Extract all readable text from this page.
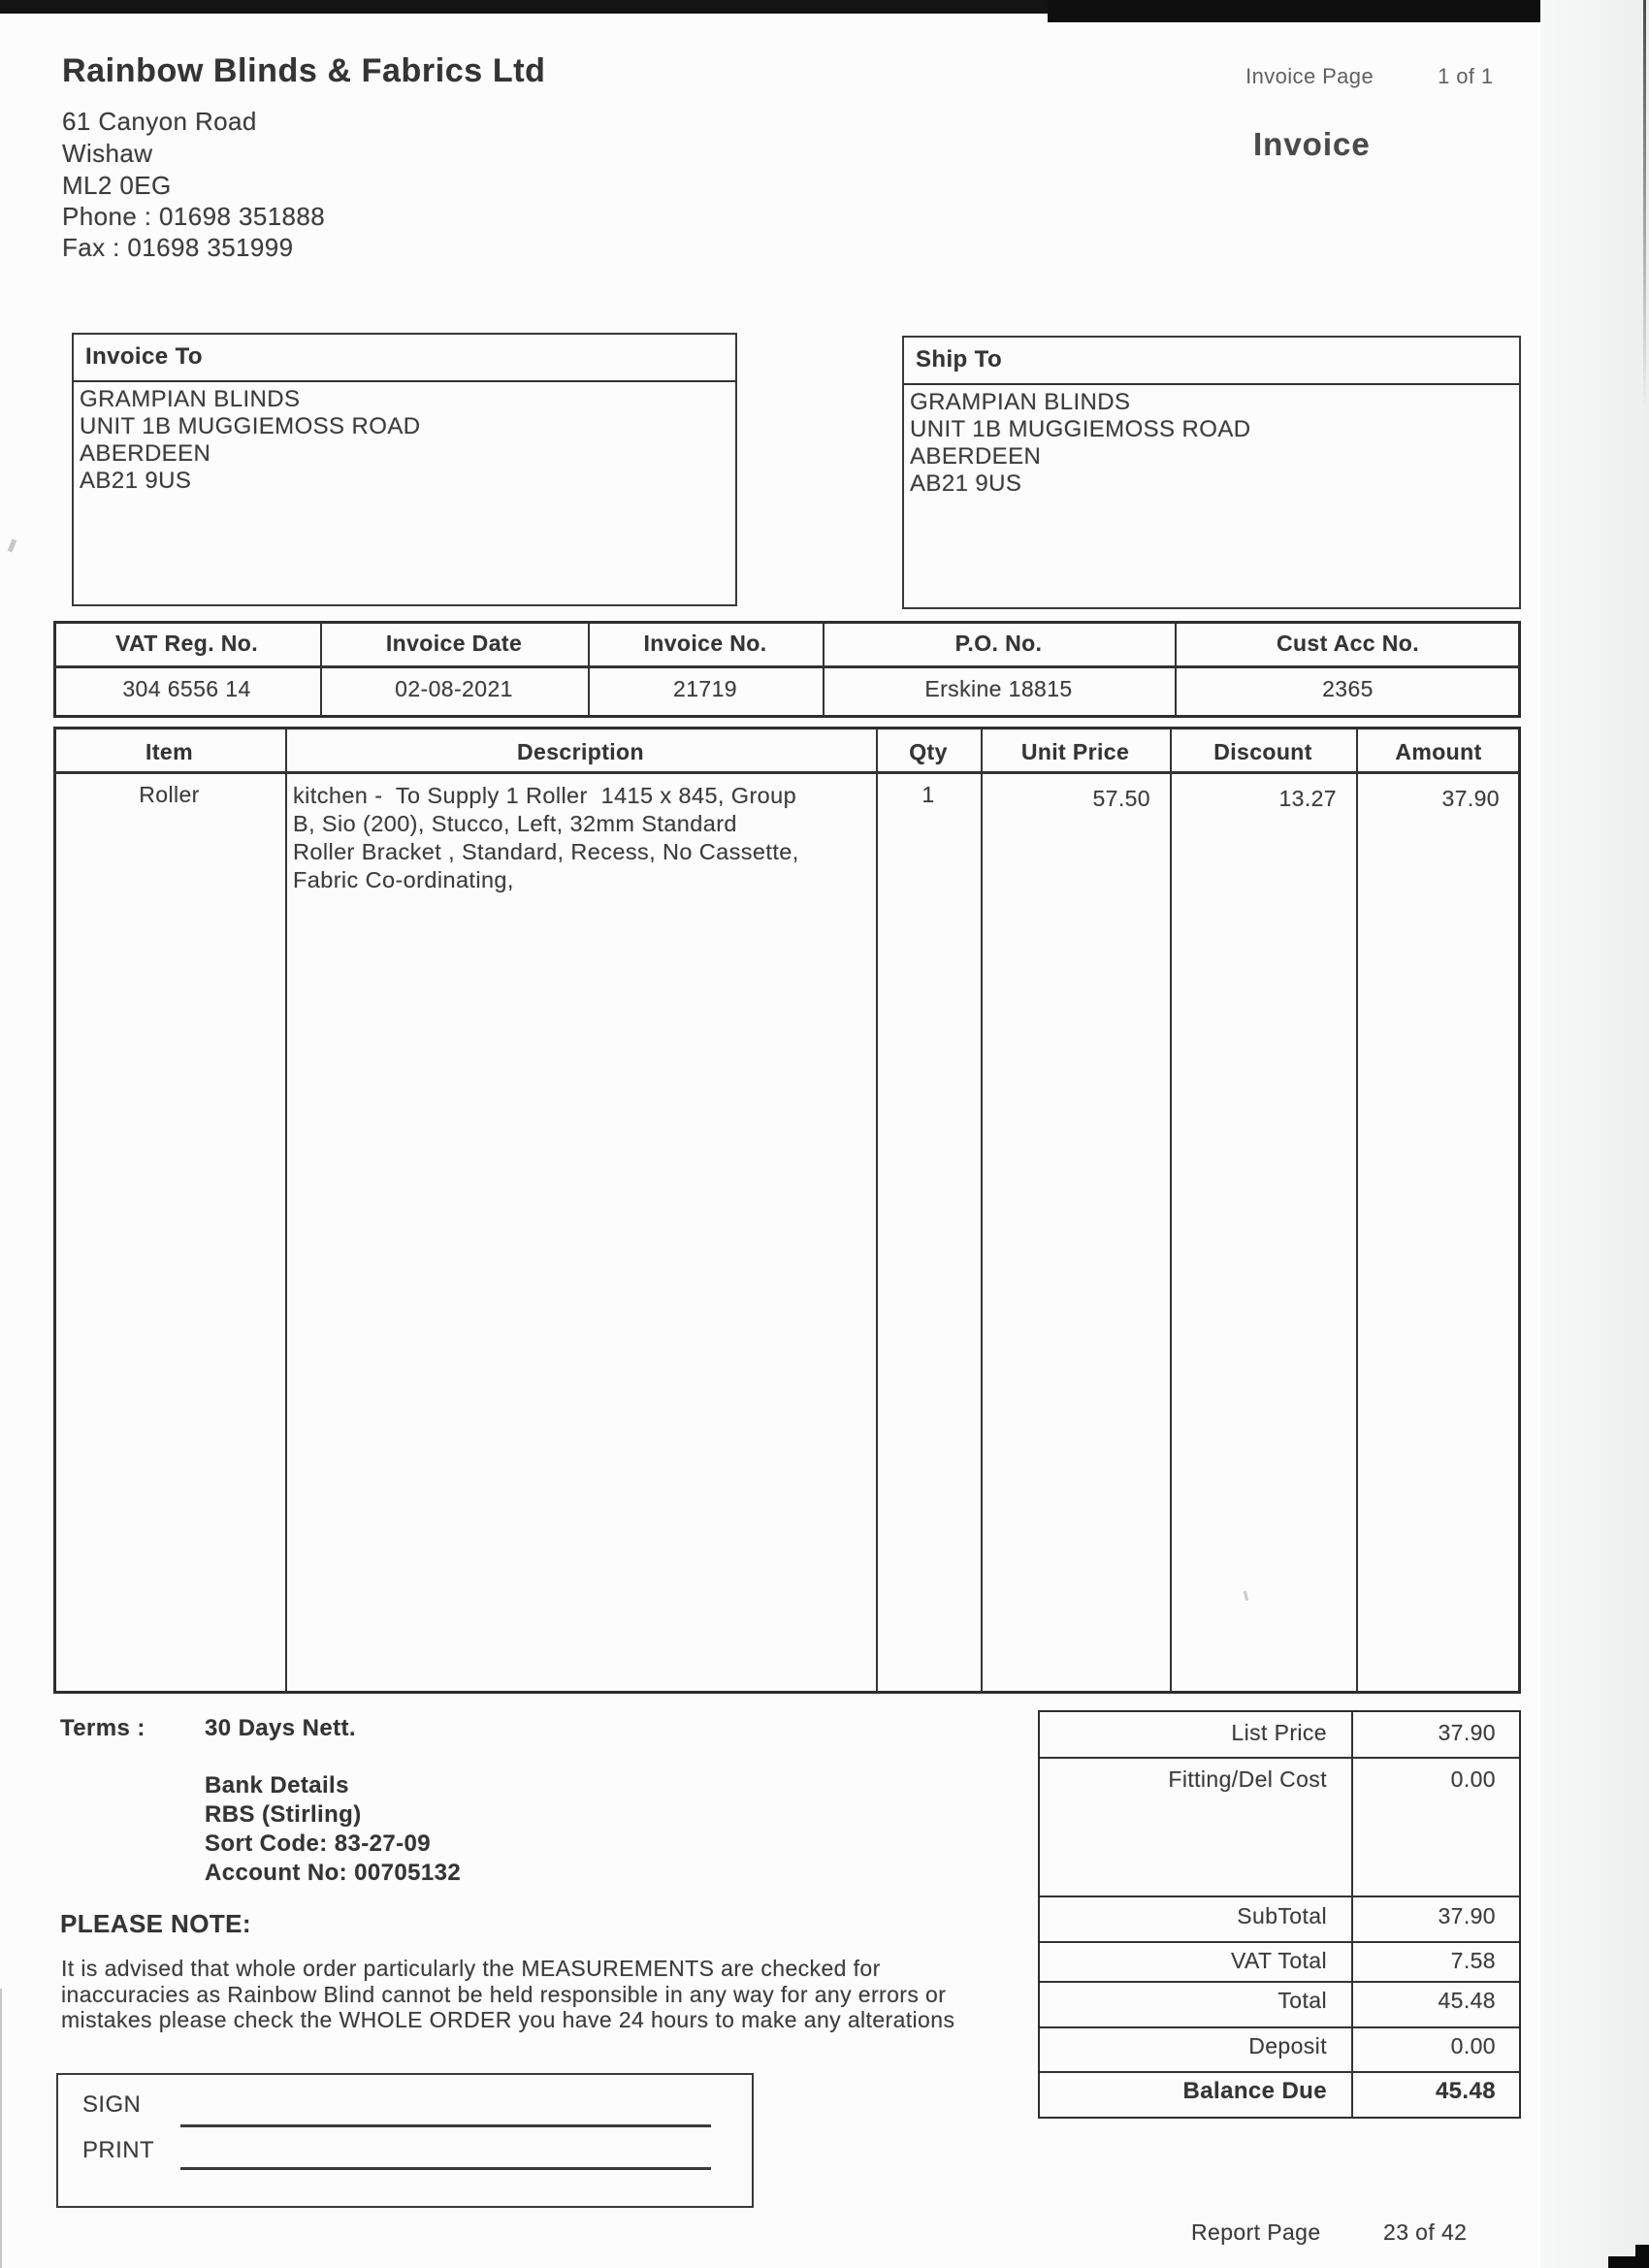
Rainbow Blinds & Fabrics Ltd
61 Canyon Road
Wishaw
ML2 0EG
Phone : 01698 351888
Fax : 01698 351999

Invoice Page	1 of 1

Invoice
Invoice To
GRAMPIAN BLINDS
UNIT 1B MUGGIEMOSS ROAD
ABERDEEN
AB21 9US
Ship To
GRAMPIAN BLINDS
UNIT 1B MUGGIEMOSS ROAD
ABERDEEN
AB21 9US
VAT Reg. No.	Invoice Date	Invoice No.	P.O. No.	Cust Acc No.
304 6556 14	02-08-2021	21719	Erskine 18815	2365
Item	Description	Qty	Unit Price	Discount	Amount
Roller	kitchen -  To Supply 1 Roller  1415 x 845, Group
B, Sio (200), Stucco, Left, 32mm Standard
Roller Bracket , Standard, Recess, No Cassette,
Fabric Co-ordinating,
1	57.50	13.27	37.90
Terms :	30 Days Nett.
Bank Details
RBS (Stirling)
Sort Code: 83-27-09
Account No: 00705132
PLEASE NOTE:
It is advised that whole order particularly the MEASUREMENTS are checked for
inaccuracies as Rainbow Blind cannot be held responsible in any way for any errors or
mistakes please check the WHOLE ORDER you have 24 hours to make any alterations
List Price	37.90
Fitting/Del Cost	0.00
SubTotal	37.90
VAT Total	7.58
Total	45.48
Deposit	0.00
Balance Due	45.48
SIGN
PRINT
Report Page	23 of 42
